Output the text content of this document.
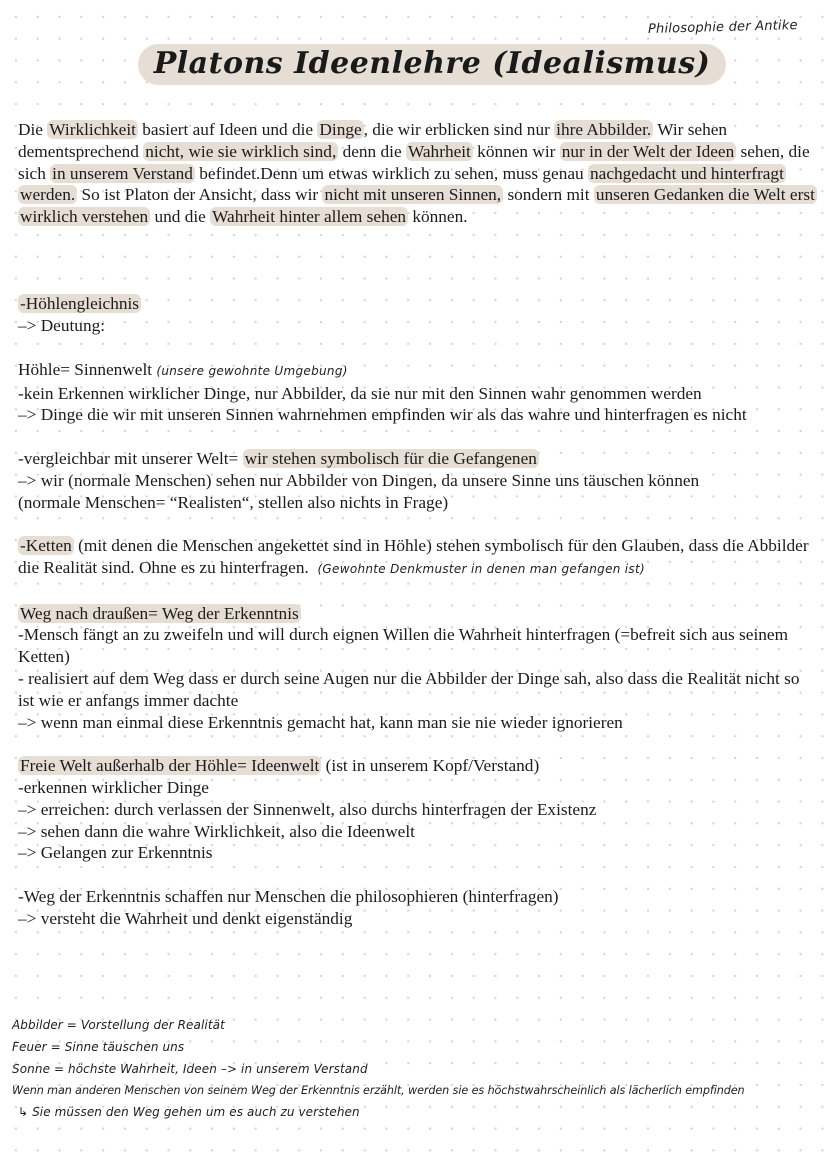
Philosophie der Antike
Platons Ideenlehre (Idealismus)

Die Wirklichkeit basiert auf Ideen und die Dinge , die wir erblicken sind nur ihre Abbilder. Wir sehen dementsprechend nicht, wie sie wirklich sind, denn die Wahrheit können wir nur in der Welt der Ideen sehen, die sich in unserem Verstand befindet.Denn um etwas wirklich zu sehen, muss genau nachgedacht und hinterfragt werden. So ist Platon der Ansicht, dass wir nicht mit unseren Sinnen, sondern mit unseren Gedanken die Welt erst wirklich verstehen und die Wahrheit hinter allem sehen können.

-Höhlengleichnis

–> Deutung:

Höhle= Sinnenwelt (unsere gewohnte Umgebung)

-kein Erkennen wirklicher Dinge, nur Abbilder, da sie nur mit den Sinnen wahr genommen werden

–> Dinge die wir mit unseren Sinnen wahrnehmen empfinden wir als das wahre und hinterfragen es nicht

-vergleichbar mit unserer Welt= wir stehen symbolisch für die Gefangenen

–> wir (normale Menschen) sehen nur Abbilder von Dingen, da unsere Sinne uns täuschen können

(normale Menschen= “Realisten“, stellen also nichts in Frage)

-Ketten (mit denen die Menschen angekettet sind in Höhle) stehen symbolisch für den Glauben, dass die Abbilder die Realität sind. Ohne es zu hinterfragen. (Gewohnte Denkmuster in denen man gefangen ist)

Weg nach draußen= Weg der Erkenntnis

-Mensch fängt an zu zweifeln und will durch eignen Willen die Wahrheit hinterfragen (=befreit sich aus seinem Ketten)

- realisiert auf dem Weg dass er durch seine Augen nur die Abbilder der Dinge sah, also dass die Realität nicht so ist wie er anfangs immer dachte

–> wenn man einmal diese Erkenntnis gemacht hat, kann man sie nie wieder ignorieren

Freie Welt außerhalb der Höhle= Ideenwelt (ist in unserem Kopf/Verstand)

-erkennen wirklicher Dinge

–> erreichen: durch verlassen der Sinnenwelt, also durchs hinterfragen der Existenz

–> sehen dann die wahre Wirklichkeit, also die Ideenwelt

–> Gelangen zur Erkenntnis

-Weg der Erkenntnis schaffen nur Menschen die philosophieren (hinterfragen)

–> versteht die Wahrheit und denkt eigenständig

Abbilder = Vorstellung der Realität

Feuer = Sinne täuschen uns

Sonne = höchste Wahrheit, Ideen –> in unserem Verstand

Wenn man anderen Menschen von seinem Weg der Erkenntnis erzählt, werden sie es höchstwahrscheinlich als lächerlich empfinden

↳ Sie müssen den Weg gehen um es auch zu verstehen
